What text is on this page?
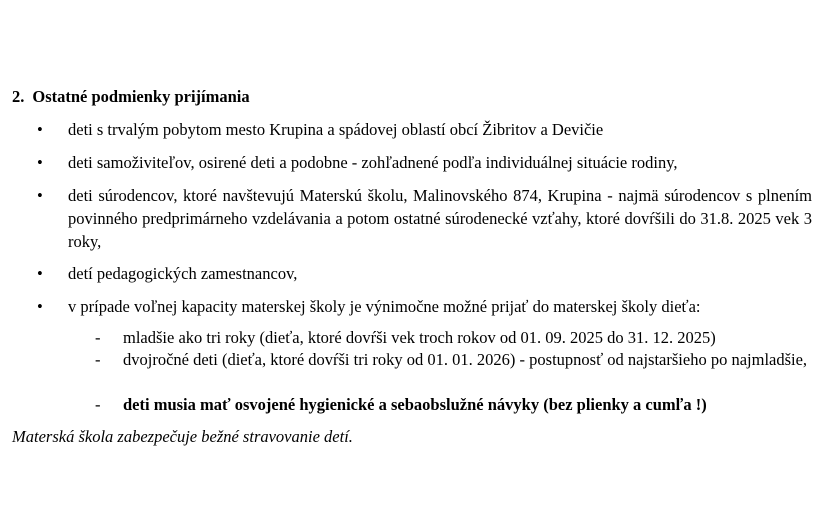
2. Ostatné podmienky prijímania
•	deti s trvalým pobytom mesto Krupina a spádovej oblastí obcí Žibritov a Devičie
•	deti samoživiteľov, osirené deti a podobne - zohľadnené podľa individuálnej situácie rodiny,
•	deti súrodencov, ktoré navštevujú Materskú školu, Malinovského 874, Krupina - najmä súrodencov s plnením povinného predprimárneho vzdelávania a potom ostatné súrodenecké vzťahy, ktoré dovŕšili do 31.8. 2025 vek 3 roky,
•	detí pedagogických zamestnancov,
•	v prípade voľnej kapacity materskej školy je výnimočne možné prijať do materskej školy dieťa:
- mladšie ako tri roky (dieťa, ktoré dovŕši vek troch rokov od 01. 09. 2025 do 31. 12. 2025)
- dvojročné deti (dieťa, ktoré dovŕši tri roky od 01. 01. 2026) - postupnosť od najstaršieho po najmladšie,
- deti musia mať osvojené hygienické a sebaobslužné návyky (bez plienky a cumľa !)
Materská škola zabezpečuje bežné stravovanie detí.
